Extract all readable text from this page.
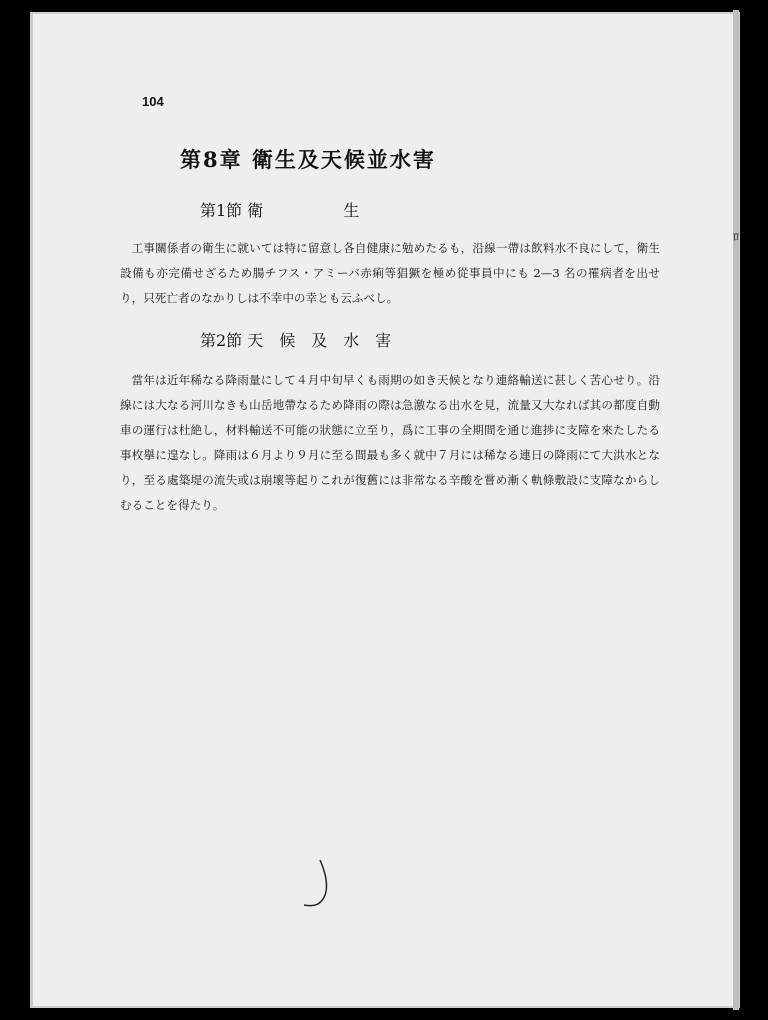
104
第8章 衛生及天候並水害
第1節 衛　　　　　生
工事關係者の衛生に就いては特に留意し各自健康に勉めたるも，沿線一帶は飲料水不良にして，衛生設備も亦完備せざるため腸チフス・アミーバ赤痢等猖獗を極め從事員中にも 2—3 名の罹病者を出せり，只死亡者のなかりしは不幸中の幸とも云ふべし。
第2節 天　候　及　水　害
當年は近年稀なる降雨量にして４月中旬早くも雨期の如き天候となり連絡輸送に甚しく苦心せり。沿線には大なる河川なきも山岳地帶なるため降雨の際は急激なる出水を見，流量又大なれば其の都度自動車の運行は杜絶し，材料輸送不可能の狀態に立至り，爲に工事の全期間を通じ進捗に支障を來たしたる事枚擧に遑なし。降雨は６月より９月に至る間最も多く就中７月には稀なる連日の降雨にて大洪水となり，至る處築堤の流失或は崩壞等起りこれが復舊には非常なる辛酸を嘗め漸く軌條敷設に支障なからしむることを得たり。
ﾛ
